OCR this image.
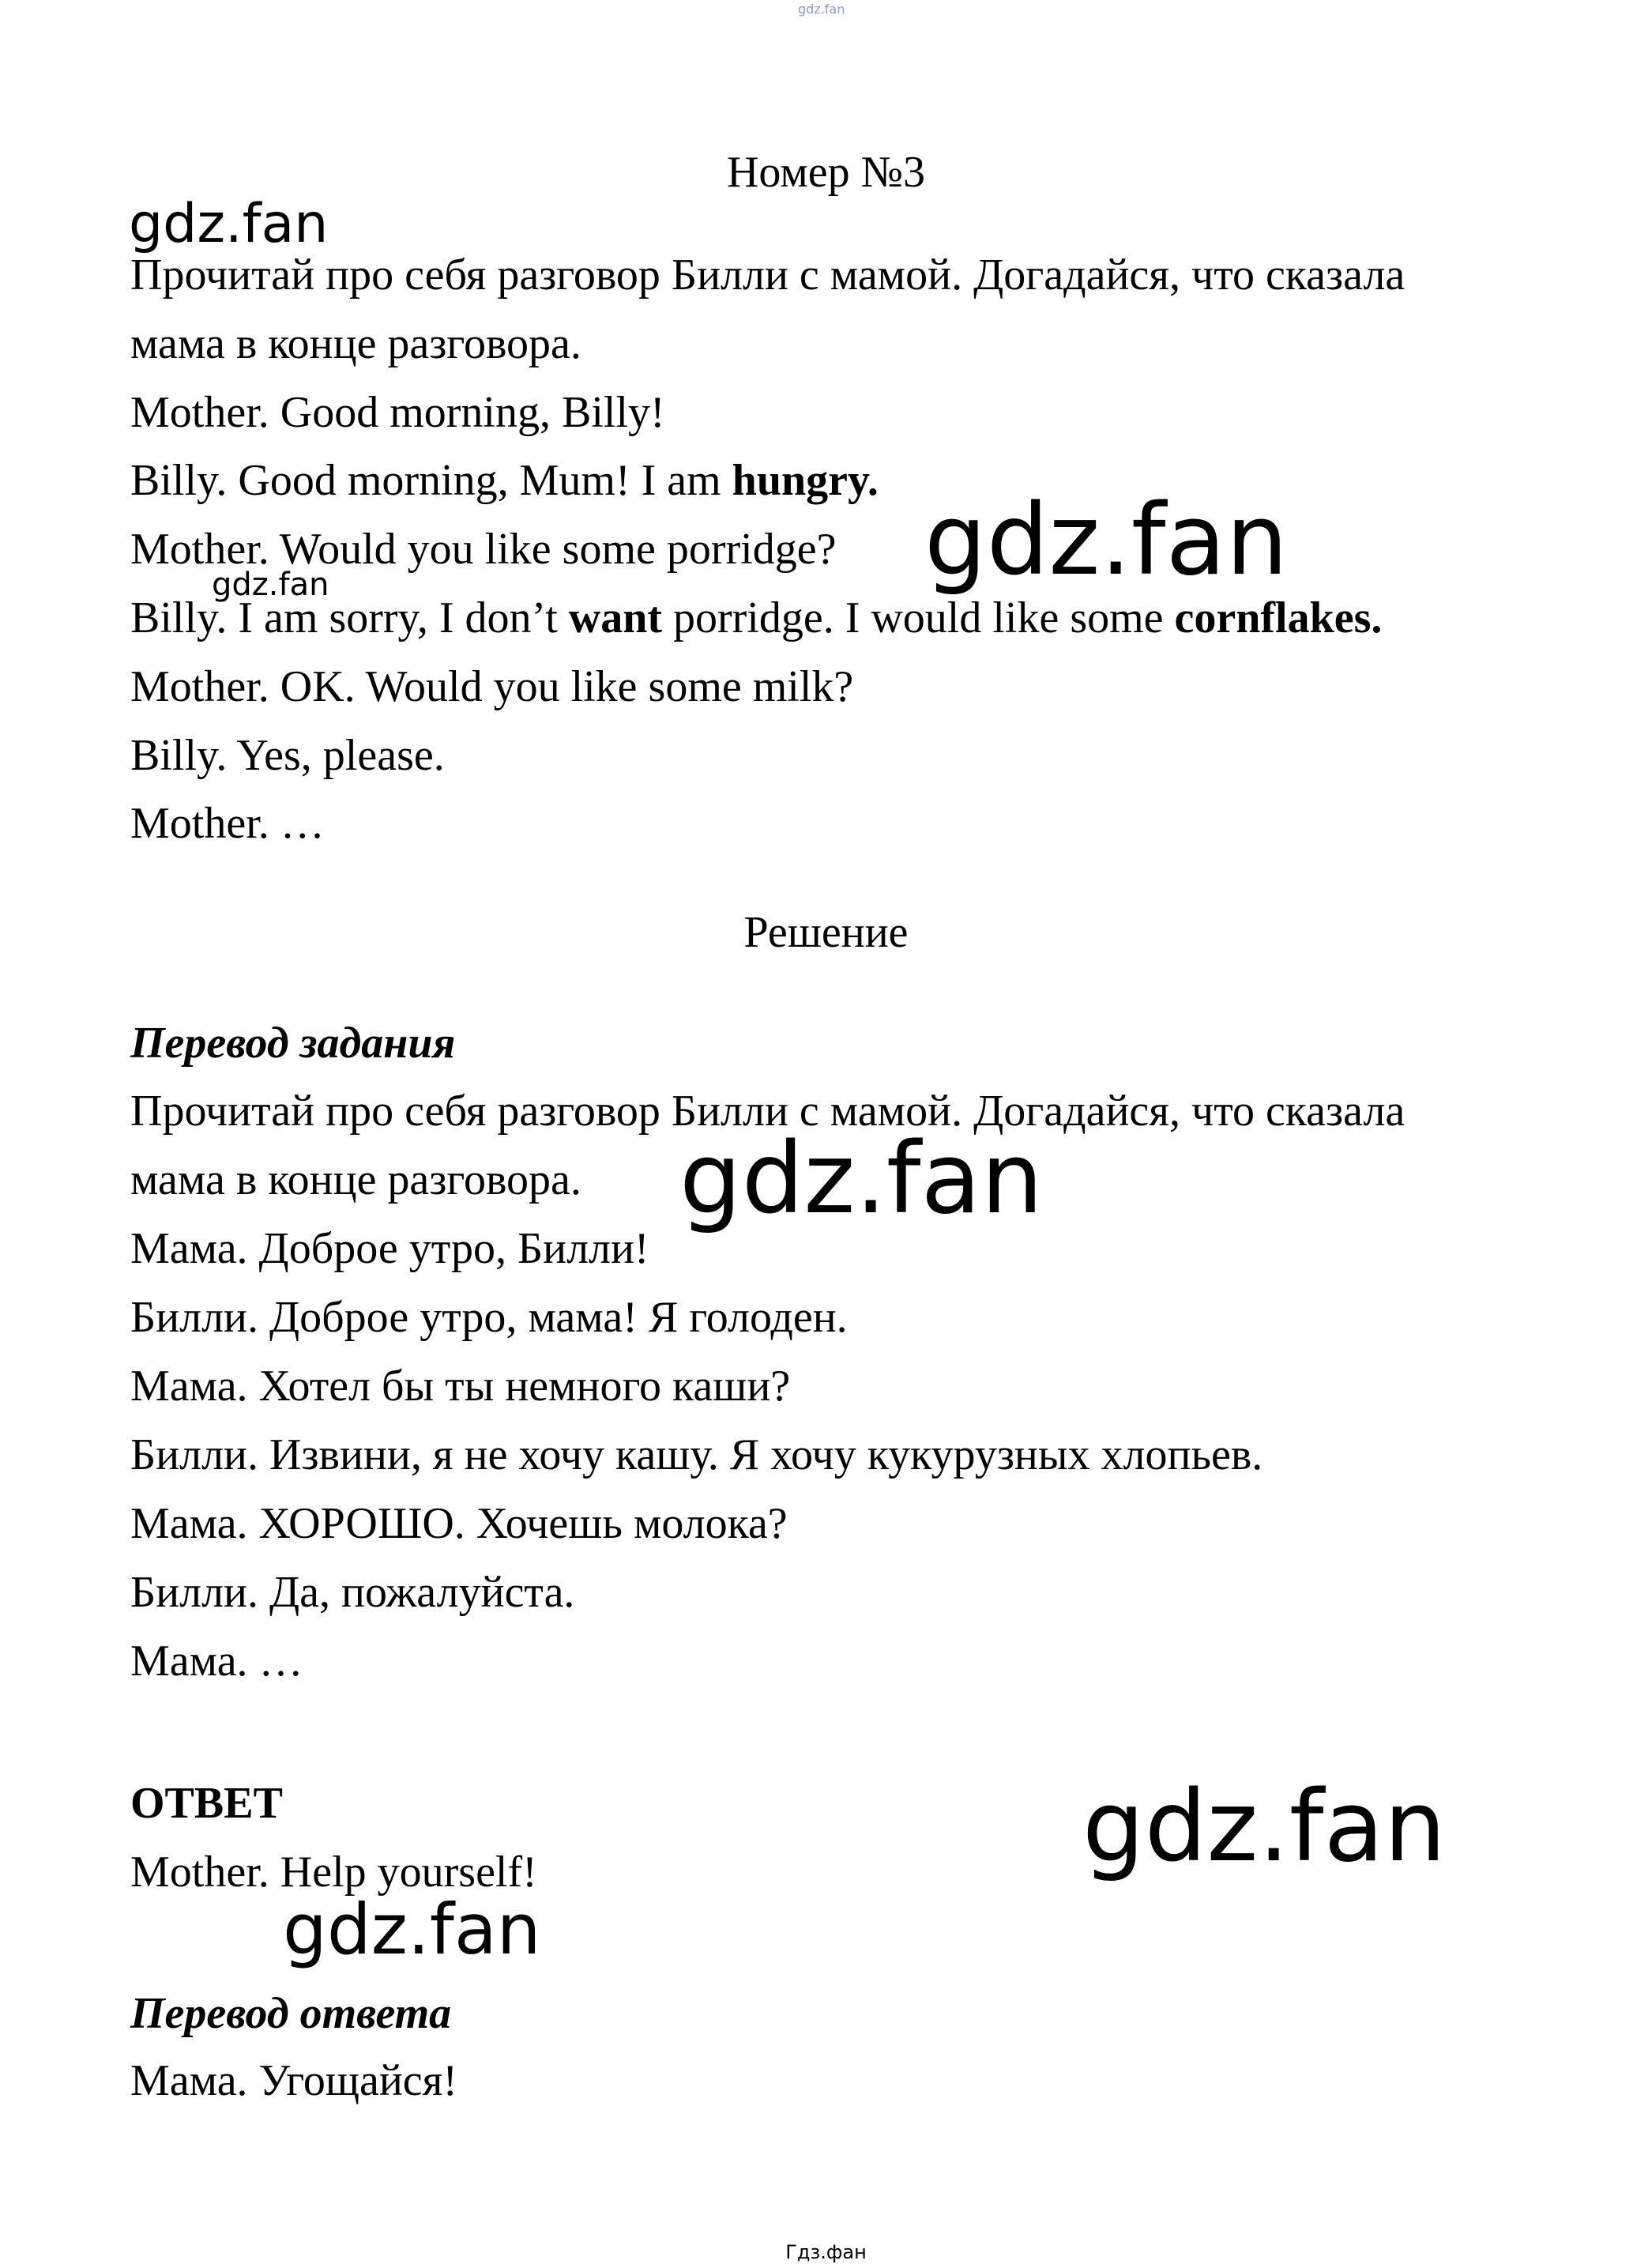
gdz.fan
Номер №3
Прочитай про себя разговор Билли с мамой. Догадайся, что сказала
мама в конце разговора.
Mother. Good morning, Billy!
Billy. Good morning, Mum! I am hungry.
Mother. Would you like some porridge?
Billy. I am sorry, I don’t want porridge. I would like some cornflakes.
Mother. OK. Would you like some milk?
Billy. Yes, please.
Mother. …
Решение
Перевод задания
Прочитай про себя разговор Билли с мамой. Догадайся, что сказала
мама в конце разговора.
Мама. Доброе утро, Билли!
Билли. Доброе утро, мама! Я голоден.
Мама. Хотел бы ты немного каши?
Билли. Извини, я не хочу кашу. Я хочу кукурузных хлопьев.
Мама. ХОРОШО. Хочешь молока?
Билли. Да, пожалуйста.
Мама. …
ОТВЕТ
Mother. Help yourself!
Перевод ответа
Мама. Угощайся!
gdz.fan
gdz.fan
gdz.fan
gdz.fan
gdz.fan
gdz.fan
Гдз.фан
